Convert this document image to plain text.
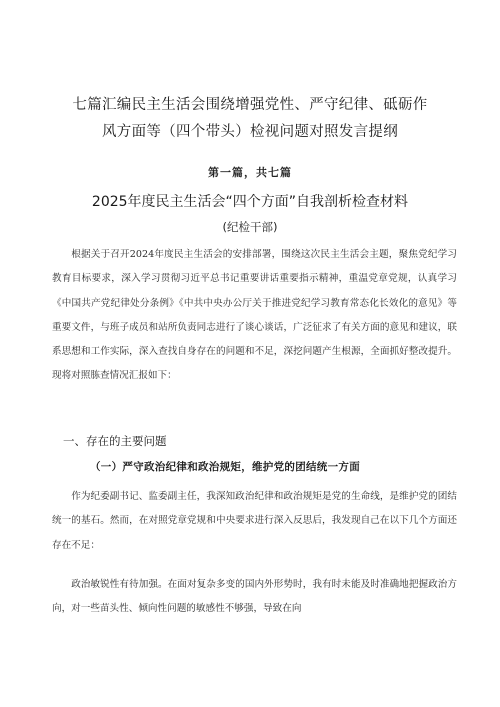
七篇汇编民主生活会围绕增强党性、严守纪律、砥砺作
风方面等（四个带头）检视问题对照发言提纲
第一篇，共七篇
2025年度民主生活会“四个方面”自我剖析检查材料
(纪检干部)

根据关于召开2024年度民主生活会的安排部署，围绕这次民主生活会主题，聚焦党纪学习教育目标要求，深入学习贯彻习近平总书记重要讲话重要指示精神，重温党章党规，认真学习《中国共产党纪律处分条例》《中共中央办公厅关于推进党纪学习教育常态化长效化的意见》等重要文件，与班子成员和站所负责同志进行了谈心谈话，广泛征求了有关方面的意见和建议，联系思想和工作实际，深入查找自身存在的问题和不足，深挖问题产生根源，全面抓好整改提升。现将对照胨查情况汇报如下：

一、存在的主要问题
（一）严守政治纪律和政治规矩，维护党的团结统一方面

作为纪委副书记、监委副主任，我深知政治纪律和政治规矩是党的生命线，是维护党的团结统一的基石。然而，在对照党章党规和中央要求进行深入反思后，我发现自己在以下几个方面还存在不足：

政治敏锐性有待加强。在面对复杂多变的国内外形势时，我有时未能及时准确地把握政治方向，对一些苗头性、倾向性问题的敏感性不够强，导致在向
